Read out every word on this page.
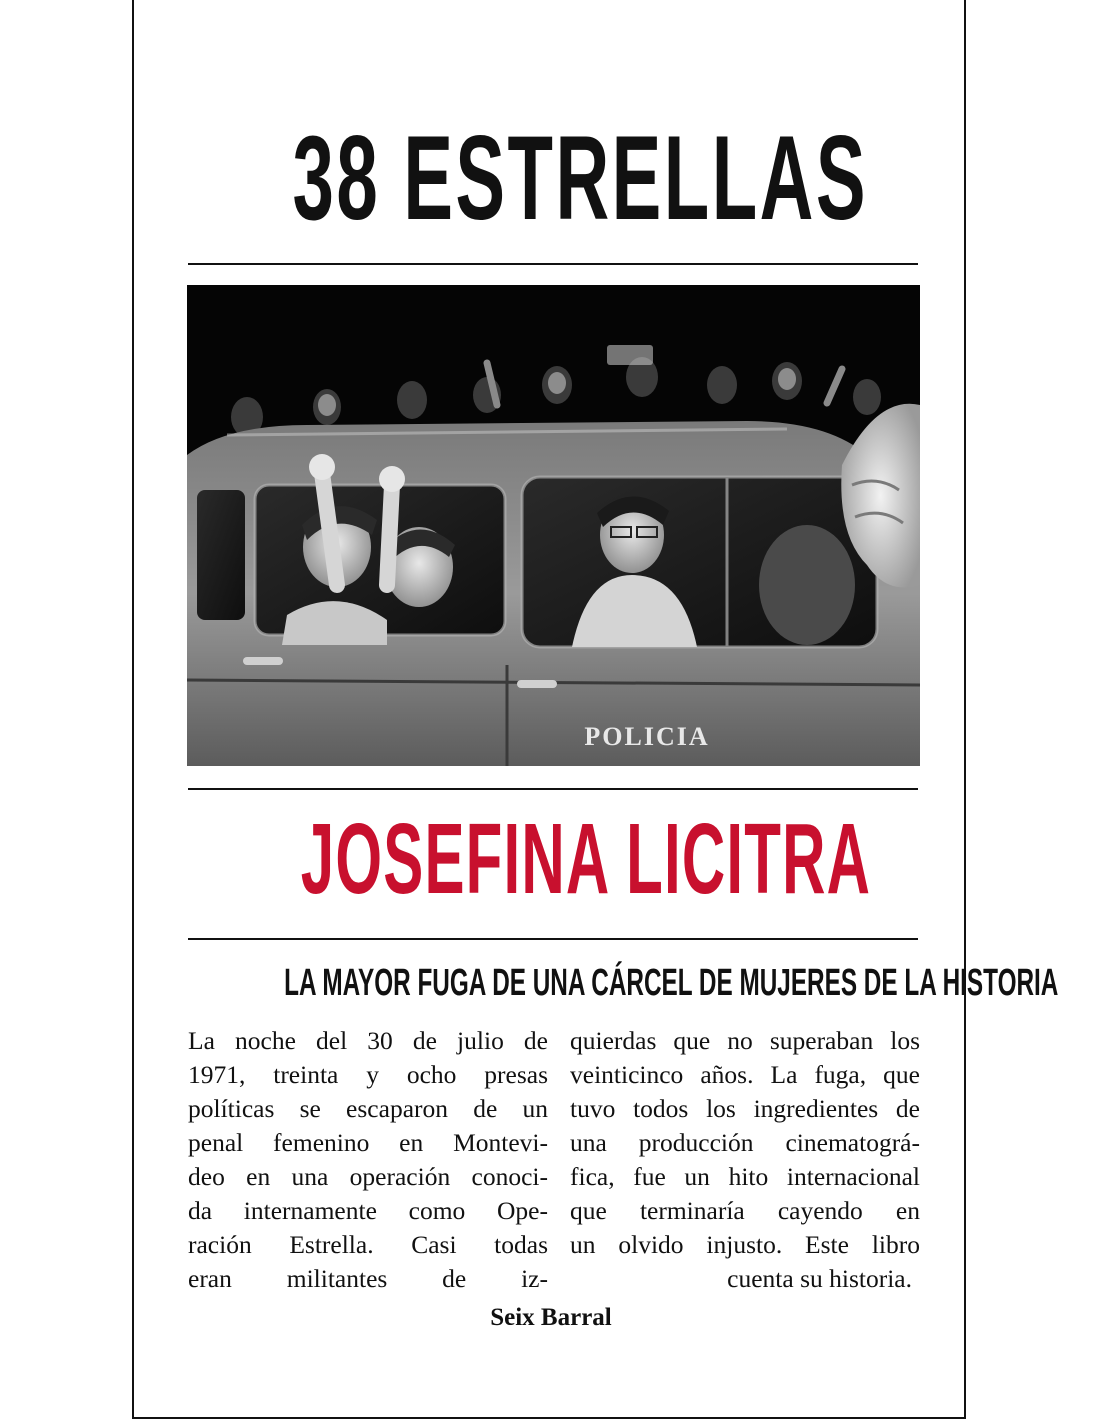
38 ESTRELLAS
POLICIA
JOSEFINA LICITRA
LA MAYOR FUGA DE UNA CÁRCEL DE MUJERES DE LA HISTORIA
La noche del 30 de julio de
1971, treinta y ocho presas
políticas se escaparon de un
penal femenino en Montevi-
deo en una operación conoci-
da internamente como Ope-
ración Estrella. Casi todas
eran militantes de iz-
quierdas que no superaban los
veinticinco años. La fuga, que
tuvo todos los ingredientes de
una producción cinematográ-
fica, fue un hito internacional
que terminaría cayendo en
un olvido injusto. Este libro
cuenta su historia.
Seix Barral
